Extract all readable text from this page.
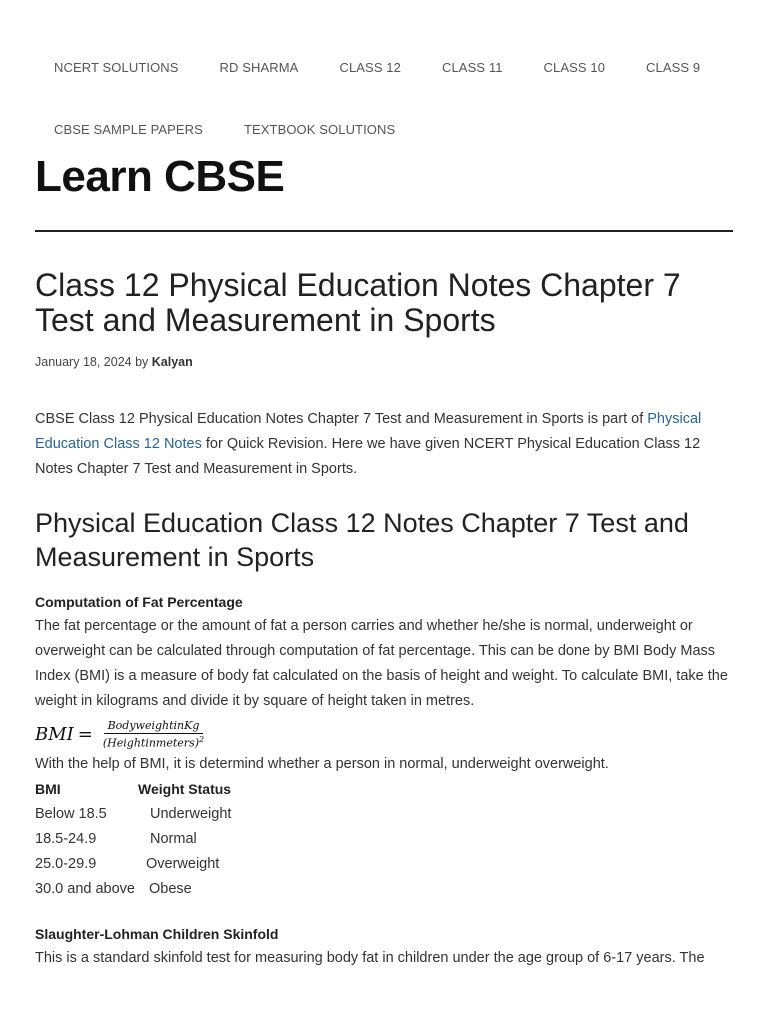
NCERT SOLUTIONS	RD SHARMA	CLASS 12	CLASS 11	CLASS 10	CLASS 9
CBSE SAMPLE PAPERS	TEXTBOOK SOLUTIONS
Learn CBSE
Class 12 Physical Education Notes Chapter 7 Test and Measurement in Sports
January 18, 2024 by Kalyan

CBSE Class 12 Physical Education Notes Chapter 7 Test and Measurement in Sports is part of Physical Education Class 12 Notes for Quick Revision. Here we have given NCERT Physical Education Class 12 Notes Chapter 7 Test and Measurement in Sports.

Physical Education Class 12 Notes Chapter 7 Test and Measurement in Sports
Computation of Fat Percentage
The fat percentage or the amount of fat a person carries and whether he/she is normal, underweight or overweight can be calculated through computation of fat percentage. This can be done by BMI Body Mass Index (BMI) is a measure of body fat calculated on the basis of height and weight. To calculate BMI, take the weight in kilograms and divide it by square of height taken in metres.
BMI = $\frac{\text{BodyweightinKg}}{(Heightinmeters)^2}$
With the help of BMI, it is determind whether a person in normal, underweight overweight.
BMI	Weight Status
Below 18.5	Underweight
18.5-24.9	Normal
25.0-29.9	Overweight
30.0 and above Obese
Slaughter-Lohman Children Skinfold
This is a standard skinfold test for measuring body fat in children under the age group of 6-17 years. The
